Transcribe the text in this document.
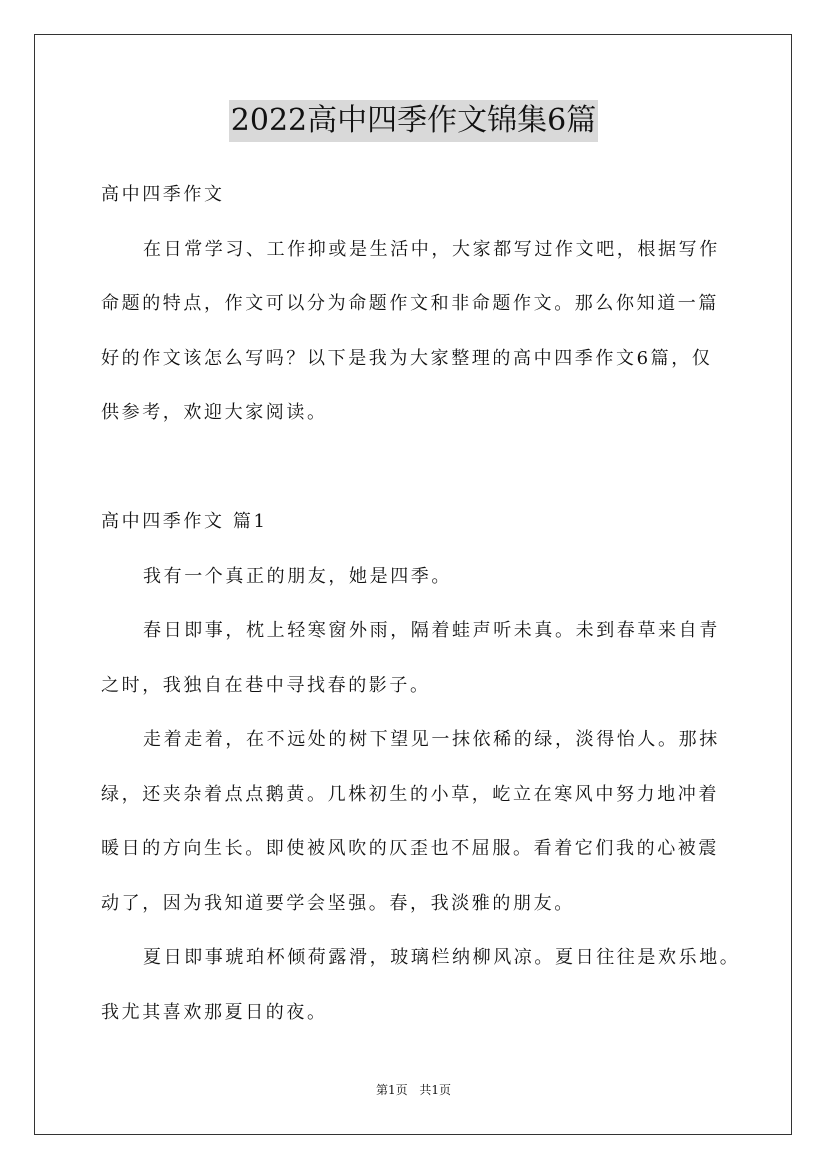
2022高中四季作文锦集6篇
高中四季作文
在日常学习、工作抑或是生活中，大家都写过作文吧，根据写作
命题的特点，作文可以分为命题作文和非命题作文。那么你知道一篇
好的作文该怎么写吗？以下是我为大家整理的高中四季作文6篇，仅
供参考，欢迎大家阅读。
高中四季作文 篇1
我有一个真正的朋友，她是四季。
春日即事，枕上轻寒窗外雨，隔着蛙声听未真。未到春草来自青
之时，我独自在巷中寻找春的影子。
走着走着，在不远处的树下望见一抹依稀的绿，淡得怡人。那抹
绿，还夹杂着点点鹅黄。几株初生的小草，屹立在寒风中努力地冲着
暖日的方向生长。即使被风吹的仄歪也不屈服。看着它们我的心被震
动了，因为我知道要学会坚强。春，我淡雅的朋友。
夏日即事琥珀杯倾荷露滑，玻璃栏纳柳风凉。夏日往往是欢乐地。
我尤其喜欢那夏日的夜。
第1页 共1页
